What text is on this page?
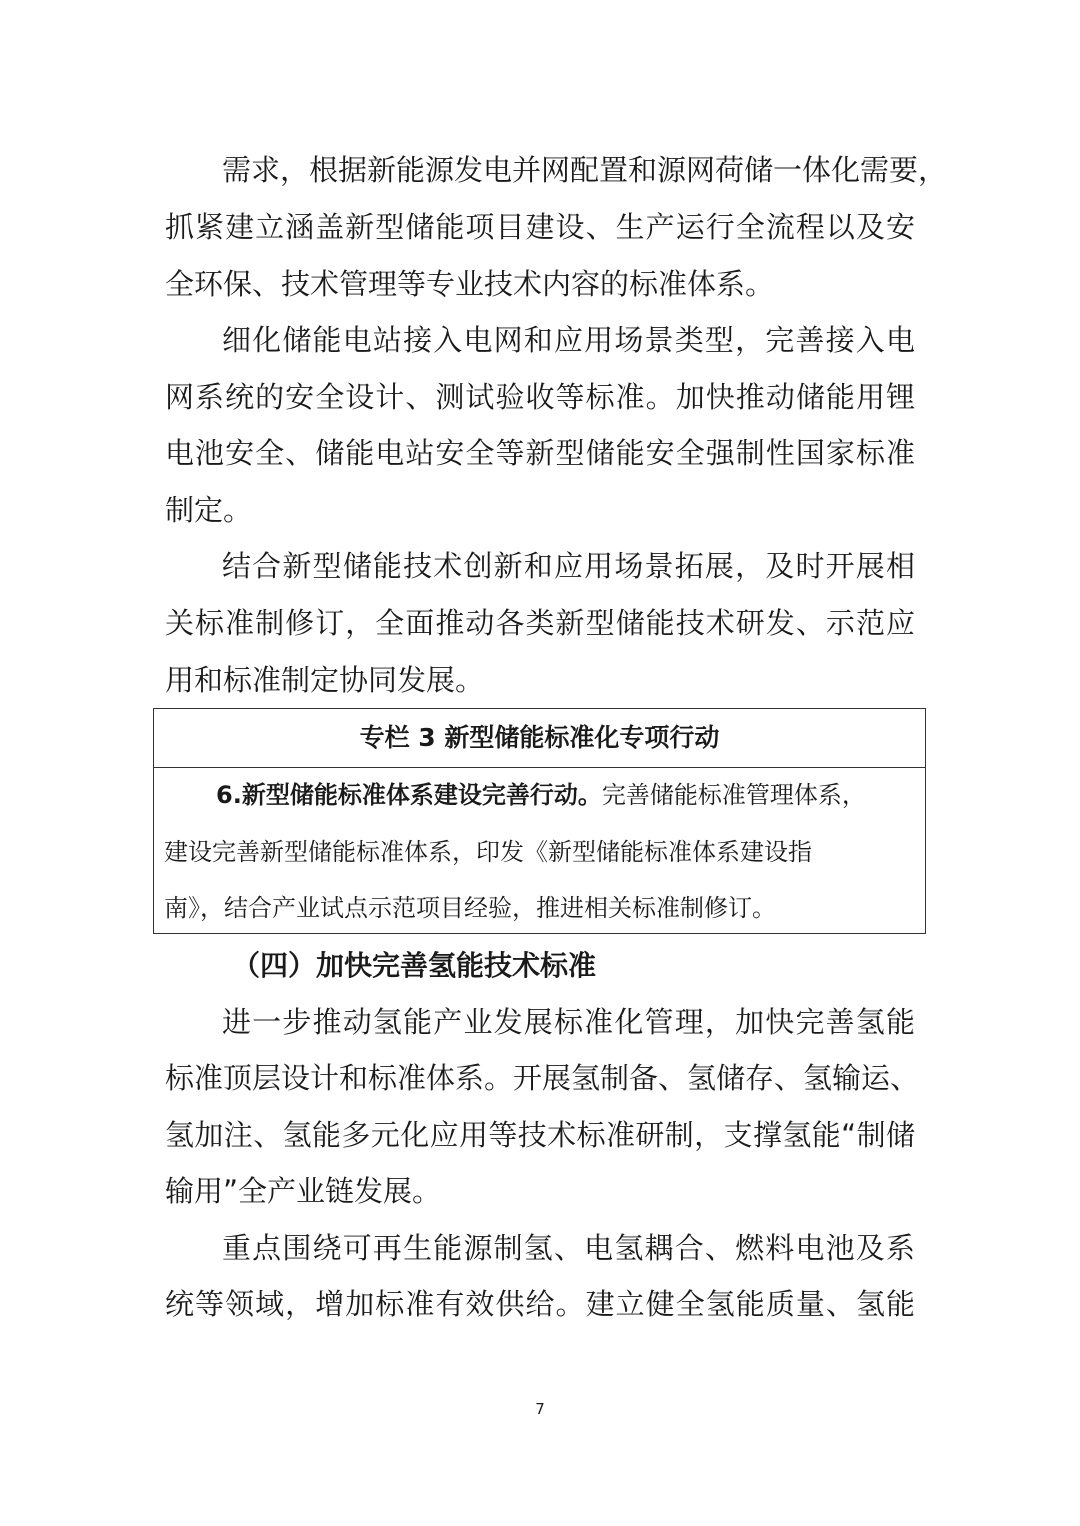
需求，根据新能源发电并网配置和源网荷储一体化需要，
抓紧建立涵盖新型储能项目建设、生产运行全流程以及安
全环保、技术管理等专业技术内容的标准体系。
细化储能电站接入电网和应用场景类型，完善接入电
网系统的安全设计、测试验收等标准。加快推动储能用锂
电池安全、储能电站安全等新型储能安全强制性国家标准
制定。
结合新型储能技术创新和应用场景拓展，及时开展相
关标准制修订，全面推动各类新型储能技术研发、示范应
用和标准制定协同发展。
专栏 3 新型储能标准化专项行动
6.新型储能标准体系建设完善行动。完善储能标准管理体系，
建设完善新型储能标准体系，印发《新型储能标准体系建设指
南》，结合产业试点示范项目经验，推进相关标准制修订。
（四）加快完善氢能技术标准
进一步推动氢能产业发展标准化管理，加快完善氢能
标准顶层设计和标准体系。开展氢制备、氢储存、氢输运、
氢加注、氢能多元化应用等技术标准研制，支撑氢能“制储
输用”全产业链发展。
重点围绕可再生能源制氢、电氢耦合、燃料电池及系
统等领域，增加标准有效供给。建立健全氢能质量、氢能
7
